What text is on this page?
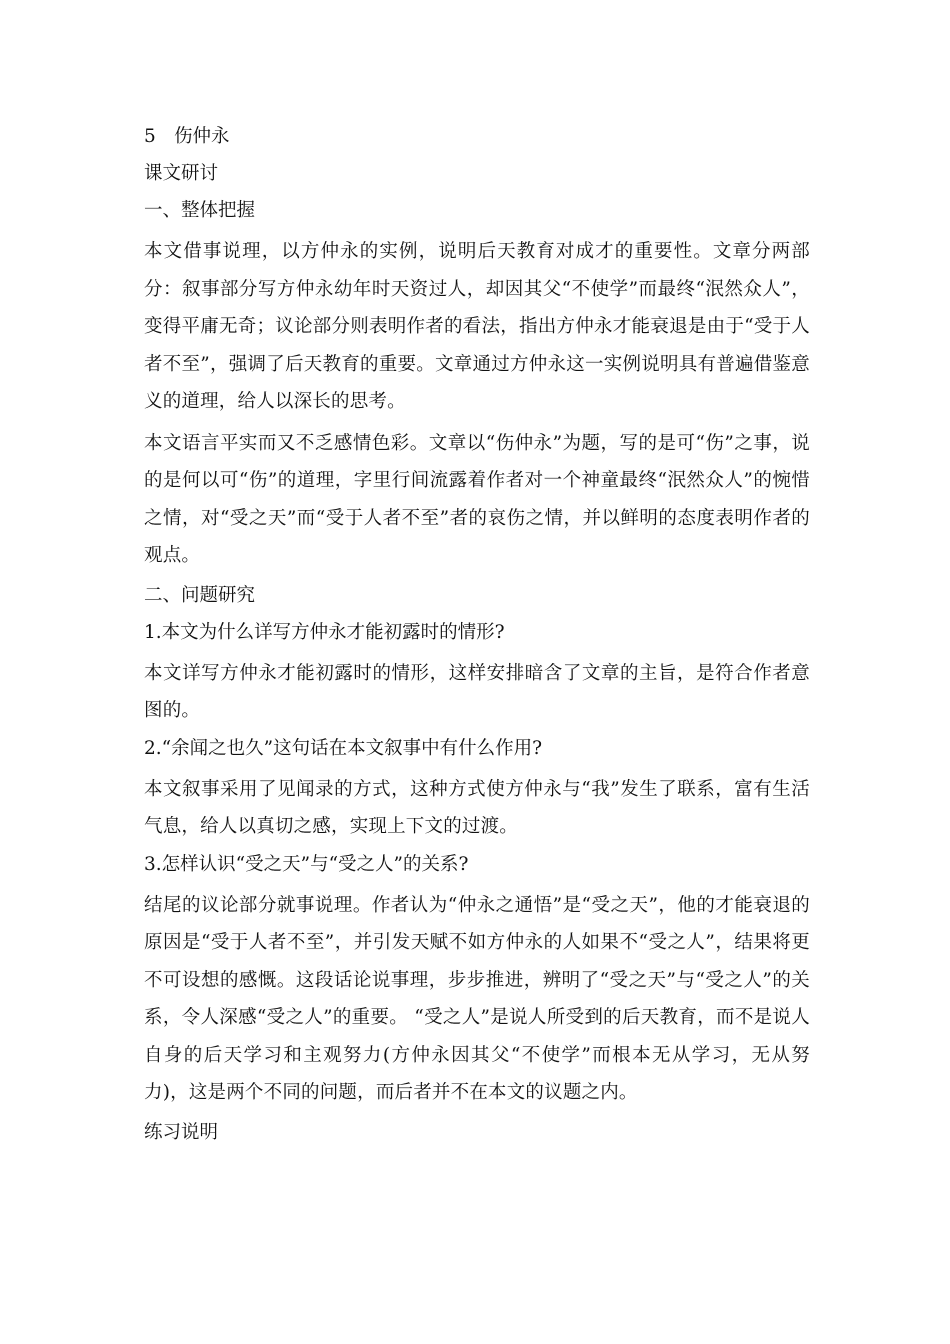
5 伤仲永

课文研讨

一、整体把握

本文借事说理，以方仲永的实例，说明后天教育对成才的重要性。文章分两部分：叙事部分写方仲永幼年时天资过人，却因其父“不使学”而最终“泯然众人”，变得平庸无奇；议论部分则表明作者的看法，指出方仲永才能衰退是由于“受于人者不至”，强调了后天教育的重要。文章通过方仲永这一实例说明具有普遍借鉴意义的道理，给人以深长的思考。

本文语言平实而又不乏感情色彩。文章以“伤仲永”为题，写的是可“伤”之事，说的是何以可“伤”的道理，字里行间流露着作者对一个神童最终“泯然众人”的惋惜之情，对“受之天”而“受于人者不至”者的哀伤之情，并以鲜明的态度表明作者的观点。

二、问题研究

1.本文为什么详写方仲永才能初露时的情形?

本文详写方仲永才能初露时的情形，这样安排暗含了文章的主旨，是符合作者意图的。

2.“余闻之也久”这句话在本文叙事中有什么作用?

本文叙事采用了见闻录的方式，这种方式使方仲永与“我”发生了联系，富有生活气息，给人以真切之感，实现上下文的过渡。

3.怎样认识“受之天”与“受之人”的关系?

结尾的议论部分就事说理。作者认为“仲永之通悟”是“受之天”，他的才能衰退的原因是“受于人者不至”，并引发天赋不如方仲永的人如果不“受之人”，结果将更不可设想的感慨。这段话论说事理，步步推进，辨明了“受之天”与“受之人”的关系，令人深感“受之人”的重要。 “受之人”是说人所受到的后天教育，而不是说人自身的后天学习和主观努力(方仲永因其父“不使学”而根本无从学习，无从努力)，这是两个不同的问题，而后者并不在本文的议题之内。

练习说明
